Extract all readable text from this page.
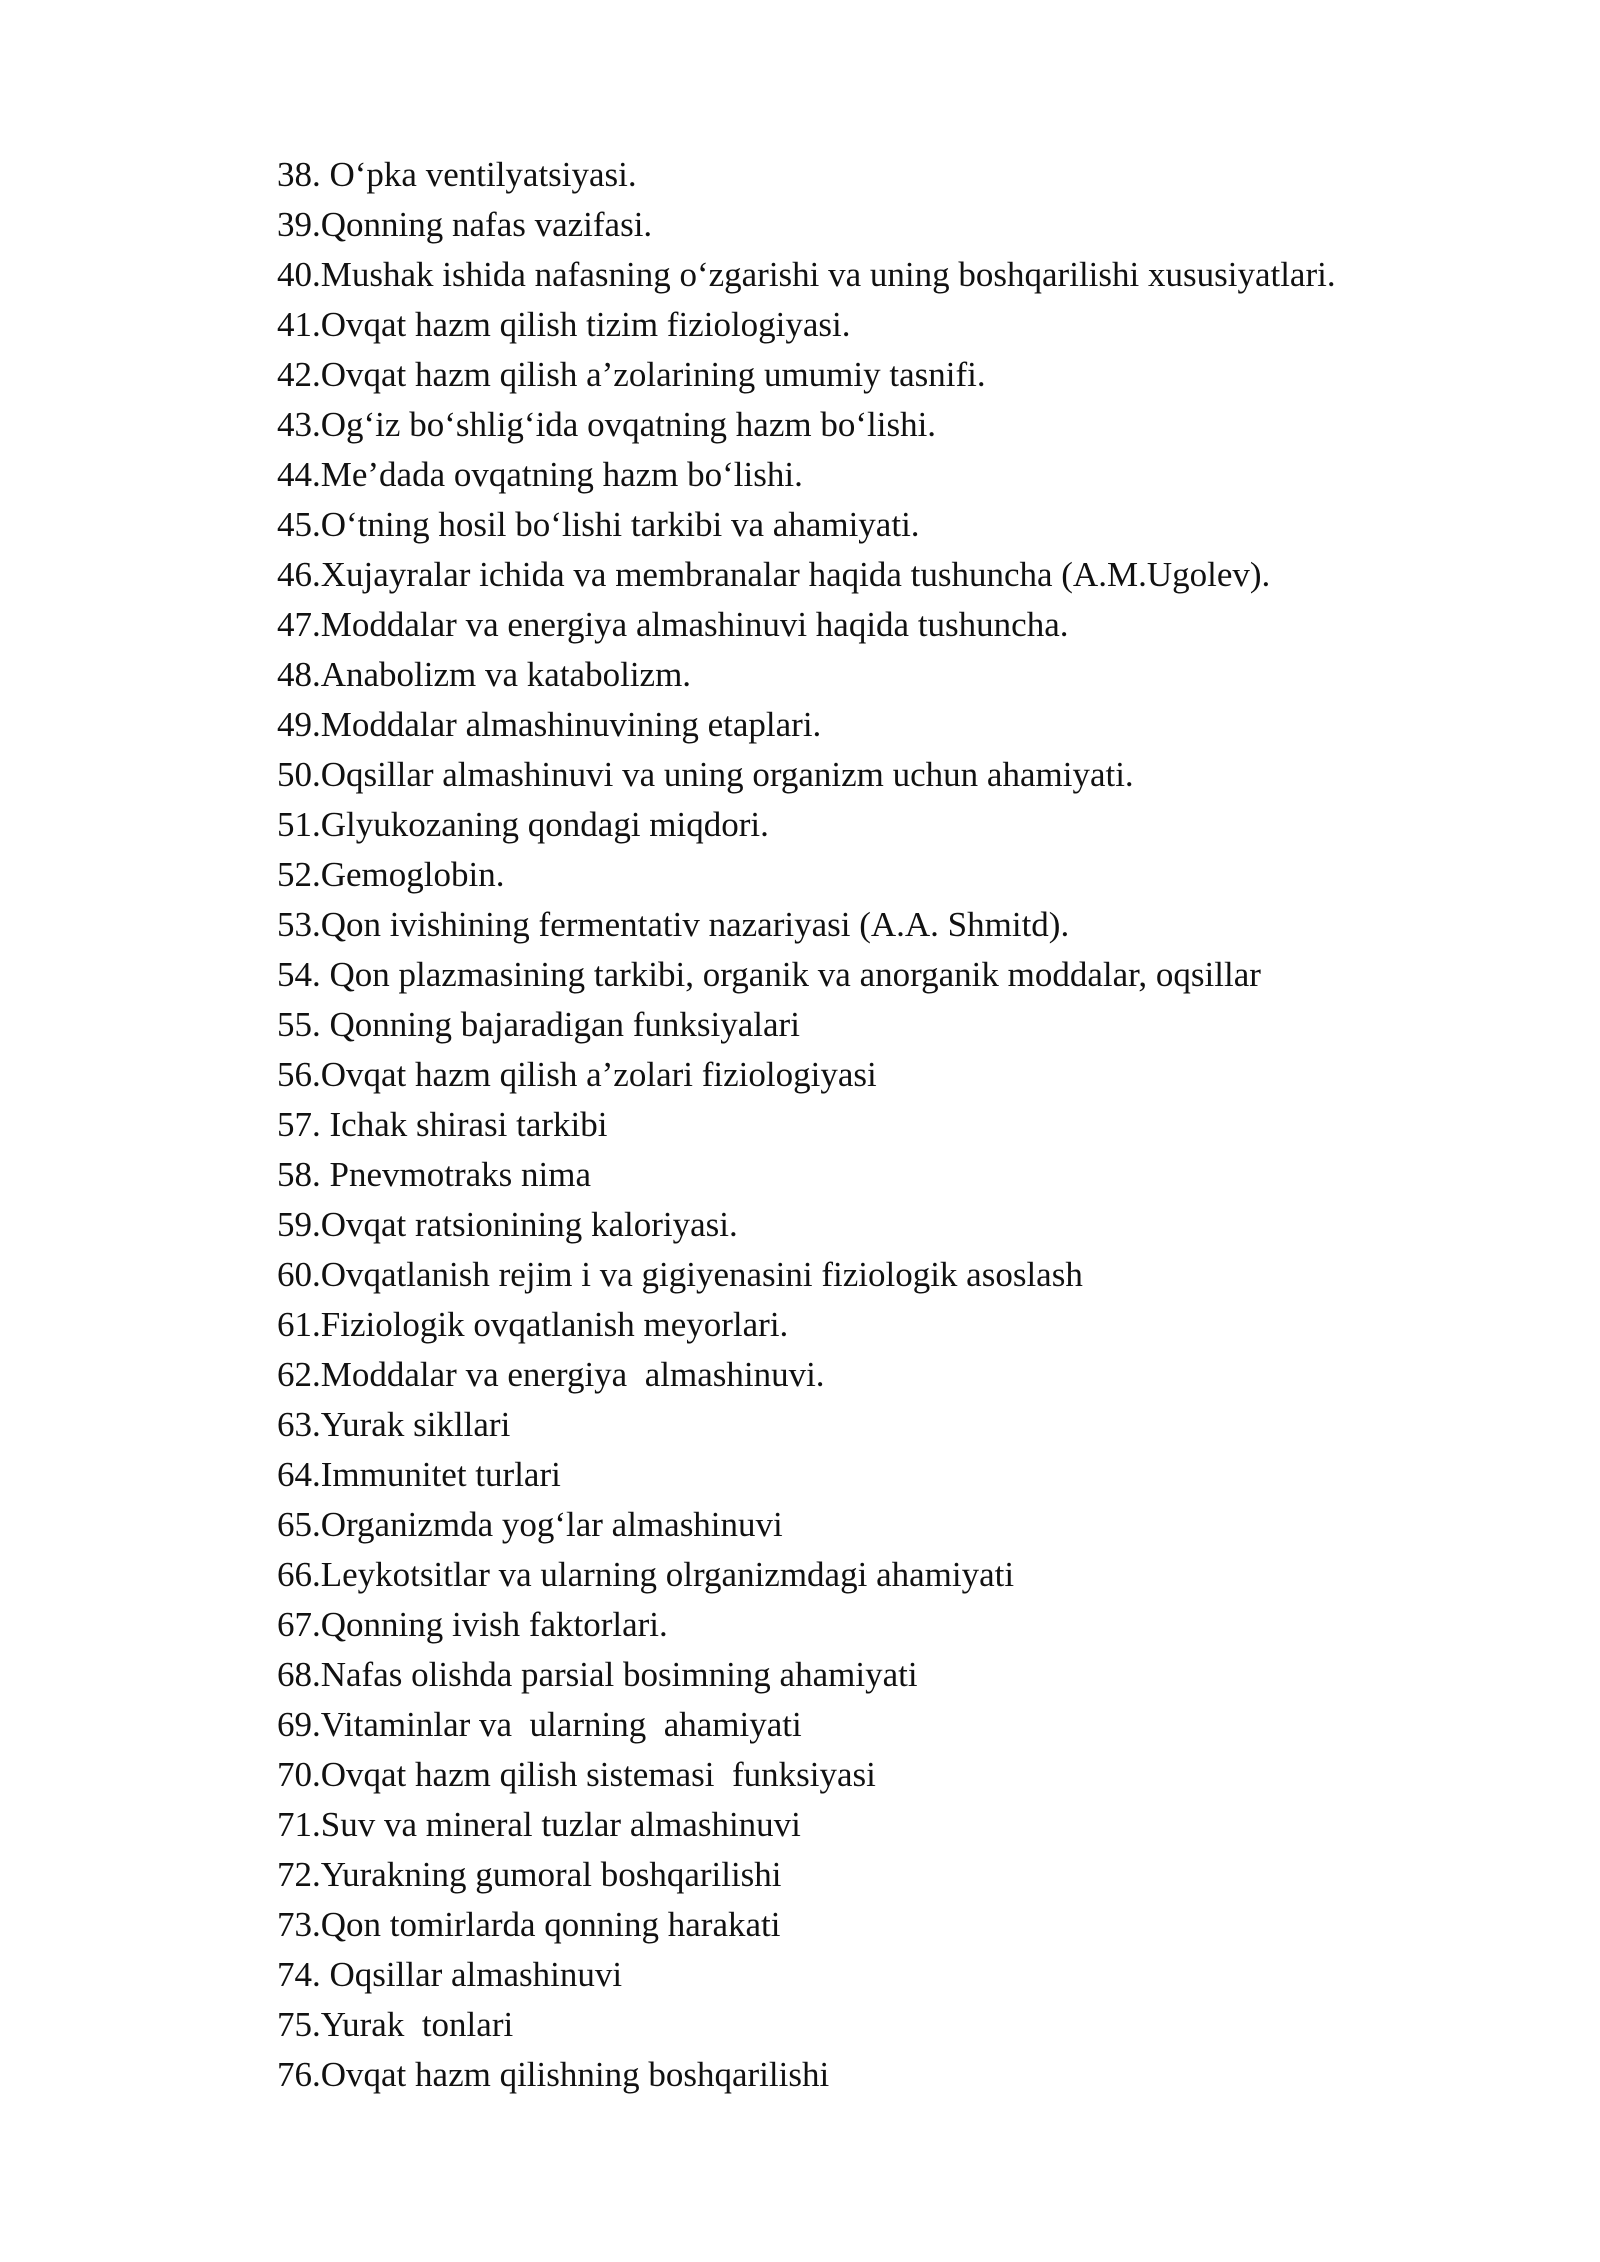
38. Oʻpka ventilyatsiyasi.
39.Qonning nafas vazifasi.
40.Mushak ishida nafasning oʻzgarishi va uning boshqarilishi xususiyatlari.
41.Ovqat hazm qilish tizim fiziologiyasi.
42.Ovqat hazm qilish a’zolarining umumiy tasnifi.
43.Ogʻiz boʻshligʻida ovqatning hazm boʻlishi.
44.Me’dada ovqatning hazm boʻlishi.
45.Oʻtning hosil boʻlishi tarkibi va ahamiyati.
46.Xujayralar ichida va membranalar haqida tushuncha (A.M.Ugolev).
47.Moddalar va energiya almashinuvi haqida tushuncha.
48.Anabolizm va katabolizm.
49.Moddalar almashinuvining etaplari.
50.Oqsillar almashinuvi va uning organizm uchun ahamiyati.
51.Glyukozaning qondagi miqdori.
52.Gemoglobin.
53.Qon ivishining fermentativ nazariyasi (A.A. Shmitd).
54. Qon plazmasining tarkibi, organik va anorganik moddalar, oqsillar
55. Qonning bajaradigan funksiyalari
56.Ovqat hazm qilish a’zolari fiziologiyasi
57. Ichak shirasi tarkibi
58. Pnevmotraks nima
59.Ovqat ratsionining kaloriyasi.
60.Ovqatlanish rejim i va gigiyenasini fiziologik asoslash
61.Fiziologik ovqatlanish meyorlari.
62.Moddalar va energiya  almashinuvi.
63.Yurak sikllari
64.Immunitet turlari
65.Organizmda yogʻlar almashinuvi
66.Leykotsitlar va ularning olrganizmdagi ahamiyati
67.Qonning ivish faktorlari.
68.Nafas olishda parsial bosimning ahamiyati
69.Vitaminlar va  ularning  ahamiyati
70.Ovqat hazm qilish sistemasi  funksiyasi
71.Suv va mineral tuzlar almashinuvi
72.Yurakning gumoral boshqarilishi
73.Qon tomirlarda qonning harakati
74. Oqsillar almashinuvi
75.Yurak  tonlari
76.Ovqat hazm qilishning boshqarilishi
